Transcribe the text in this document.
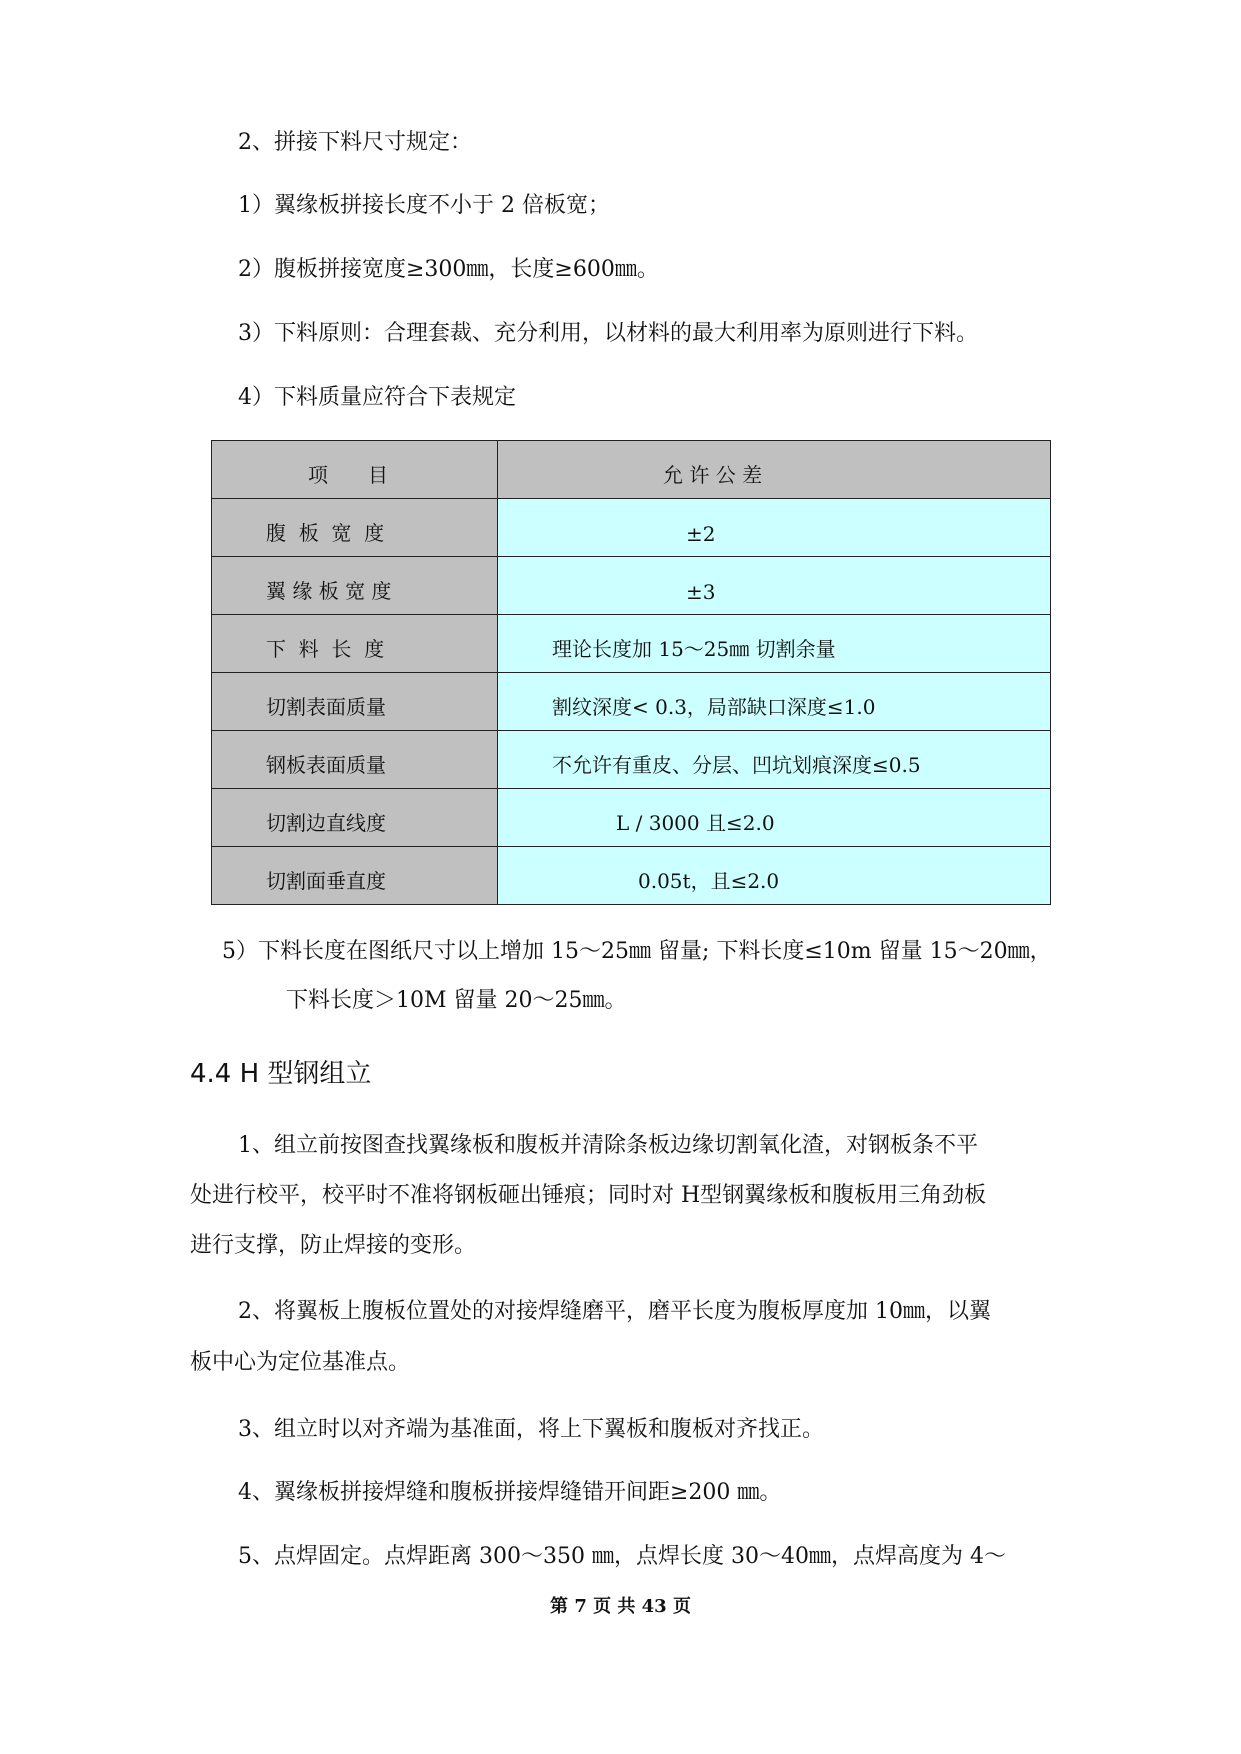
2、拼接下料尺寸规定：
1）翼缘板拼接长度不小于 2 倍板宽；
2）腹板拼接宽度≥300㎜，长度≥600㎜。
3）下料原则：合理套裁、充分利用，以材料的最大利用率为原则进行下料。
4）下料质量应符合下表规定
项　　目	允 许 公 差

腹  板  宽  度	±2

翼 缘 板 宽 度	±3

下  料  长  度	理论长度加 15～25㎜ 切割余量

切割表面质量	割纹深度< 0.3，局部缺口深度≤1.0

钢板表面质量	不允许有重皮、分层、凹坑划痕深度≤0.5

切割边直线度	L / 3000 且≤2.0

切割面垂直度	0.05t，且≤2.0
5）下料长度在图纸尺寸以上增加 15～25㎜ 留量; 下料长度≤10m 留量 15～20㎜，
下料长度＞10M 留量 20～25㎜。
4.4 H 型钢组立
1、组立前按图查找翼缘板和腹板并清除条板边缘切割氧化渣，对钢板条不平
处进行校平，校平时不准将钢板砸出锤痕；同时对 H型钢翼缘板和腹板用三角劲板
进行支撑，防止焊接的变形。
2、将翼板上腹板位置处的对接焊缝磨平，磨平长度为腹板厚度加 10㎜，以翼
板中心为定位基准点。
3、组立时以对齐端为基准面，将上下翼板和腹板对齐找正。
4、翼缘板拼接焊缝和腹板拼接焊缝错开间距≥200 ㎜。
5、点焊固定。点焊距离 300～350 ㎜，点焊长度 30～40㎜，点焊高度为 4～
第 7 页 共 43 页
